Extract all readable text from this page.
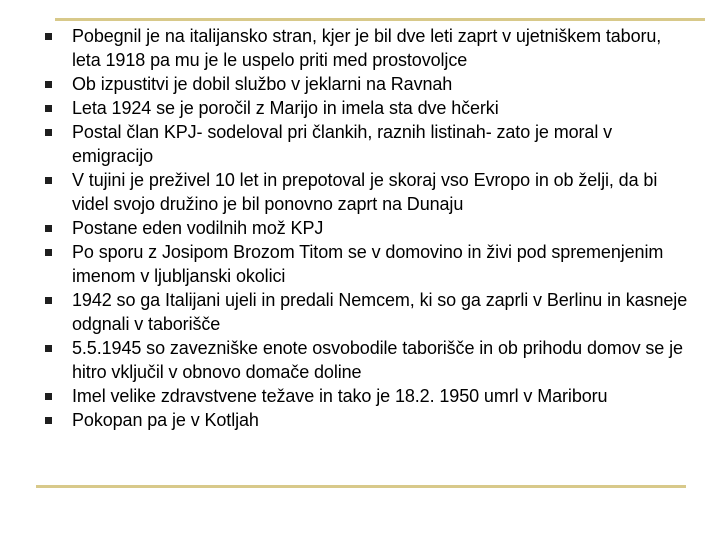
Pobegnil je na italijansko stran, kjer je bil dve leti zaprt v ujetniškem taboru, leta 1918 pa mu je le uspelo priti med prostovoljce
Ob izpustitvi je dobil službo v jeklarni na Ravnah
Leta 1924 se je poročil z Marijo in imela sta dve hčerki
Postal član KPJ- sodeloval pri člankih, raznih listinah- zato je moral v emigracijo
V tujini je preživel 10 let in prepotoval je skoraj vso Evropo in ob želji, da bi videl svojo družino je bil ponovno zaprt na Dunaju
Postane eden vodilnih mož KPJ
Po sporu z Josipom Brozom Titom se v domovino in živi pod spremenjenim imenom v ljubljanski okolici
1942 so ga Italijani ujeli in predali Nemcem, ki so ga zaprli v Berlinu in kasneje odgnali v taborišče
5.5.1945 so zavezniške enote osvobodile taborišče in ob prihodu domov se je hitro vključil v obnovo domače doline
Imel velike zdravstvene težave in tako je 18.2. 1950 umrl v Mariboru
Pokopan pa je v Kotljah
